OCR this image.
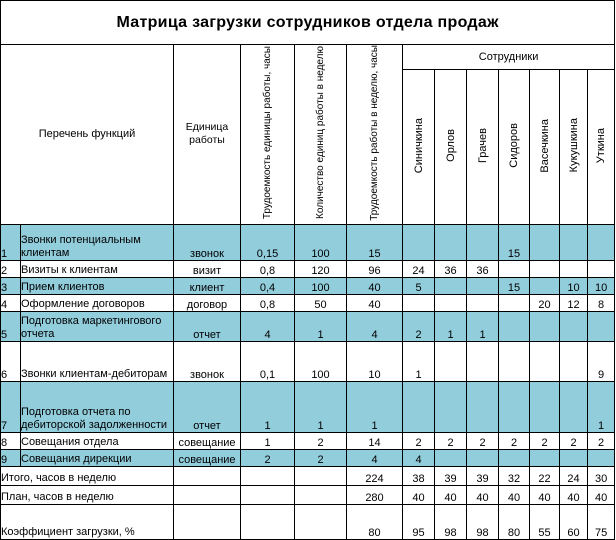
Матрица загрузки сотрудников отдела продаж												
Перечень функций		Единица работы	Трудоемкость единицы работы, часы	Количество единиц работы в неделю	Трудоемкость работы в неделю, часы	Сотрудники						
						Синичкина	Орлов	Грачев	Сидоров	Васечкина	Кукушкина	Уткина
1	Звонки потенциальным клиентам	звонок	0,15	100	15				15			
2	Визиты к клиентам	визит	0,8	120	96	24	36	36				
3	Прием клиентов	клиент	0,4	100	40	5			15		10	10
4	Оформление договоров	договор	0,8	50	40					20	12	8
5	Подготовка маркетингового отчета	отчет	4	1	4	2	1	1				
6	Звонки клиентам-дебиторам	звонок	0,1	100	10	1						9
7	Подготовка отчета по дебиторской задолженности	отчет	1	1	1							1
8	Совещания отдела	совещание	1	2	14	2	2	2	2	2	2	2
9	Совещания дирекции	совещание	2	2	4	4						
Итого, часов в неделю					224	38	39	39	32	22	24	30
План, часов в неделю					280	40	40	40	40	40	40	40
Коэффициент загрузки, %					80	95	98	98	80	55	60	75
